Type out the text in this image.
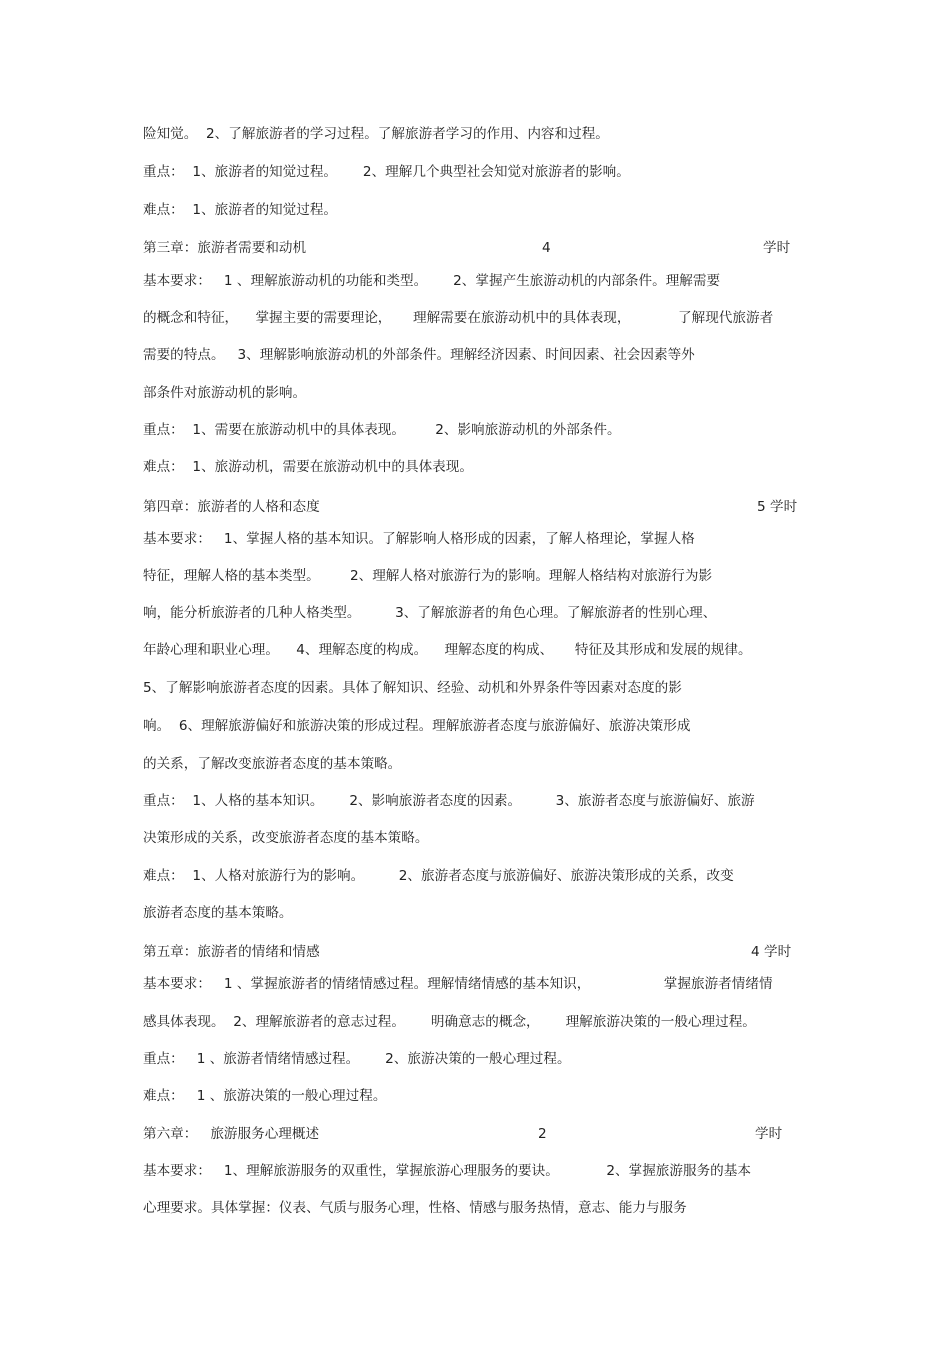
险知觉。  2、了解旅游者的学习过程。了解旅游者学习的作用、内容和过程。
重点：  1、旅游者的知觉过程。      2、理解几个典型社会知觉对旅游者的影响。
难点：  1、旅游者的知觉过程。
第三章：旅游者需要和动机	4	学时
基本要求：   1 、理解旅游动机的功能和类型。      2、掌握产生旅游动机的内部条件。理解需要
的概念和特征，    掌握主要的需要理论，     理解需要在旅游动机中的具体表现，           了解现代旅游者
需要的特点。   3、理解影响旅游动机的外部条件。理解经济因素、时间因素、社会因素等外
部条件对旅游动机的影响。
重点：  1、需要在旅游动机中的具体表现。       2、影响旅游动机的外部条件。
难点：  1、旅游动机，需要在旅游动机中的具体表现。
第四章：旅游者的人格和态度	5 学时
基本要求：   1、掌握人格的基本知识。了解影响人格形成的因素，了解人格理论，掌握人格
特征，理解人格的基本类型。       2、理解人格对旅游行为的影响。理解人格结构对旅游行为影
响，能分析旅游者的几种人格类型。        3、了解旅游者的角色心理。了解旅游者的性别心理、
年龄心理和职业心理。    4、理解态度的构成。    理解态度的构成、     特征及其形成和发展的规律。
5、了解影响旅游者态度的因素。具体了解知识、经验、动机和外界条件等因素对态度的影
响。  6、理解旅游偏好和旅游决策的形成过程。理解旅游者态度与旅游偏好、旅游决策形成
的关系，了解改变旅游者态度的基本策略。
重点：  1、人格的基本知识。      2、影响旅游者态度的因素。        3、旅游者态度与旅游偏好、旅游
决策形成的关系，改变旅游者态度的基本策略。
难点：  1、人格对旅游行为的影响。        2、旅游者态度与旅游偏好、旅游决策形成的关系，改变
旅游者态度的基本策略。
第五章：旅游者的情绪和情感	4 学时
基本要求：   1 、掌握旅游者的情绪情感过程。理解情绪情感的基本知识，                 掌握旅游者情绪情
感具体表现。  2、理解旅游者的意志过程。      明确意志的概念，      理解旅游决策的一般心理过程。
重点：   1 、旅游者情绪情感过程。      2、旅游决策的一般心理过程。
难点：   1 、旅游决策的一般心理过程。
第六章：   旅游服务心理概述	2	学时
基本要求：   1、理解旅游服务的双重性，掌握旅游心理服务的要诀。           2、掌握旅游服务的基本
心理要求。具体掌握：仪表、气质与服务心理，性格、情感与服务热情，意志、能力与服务
